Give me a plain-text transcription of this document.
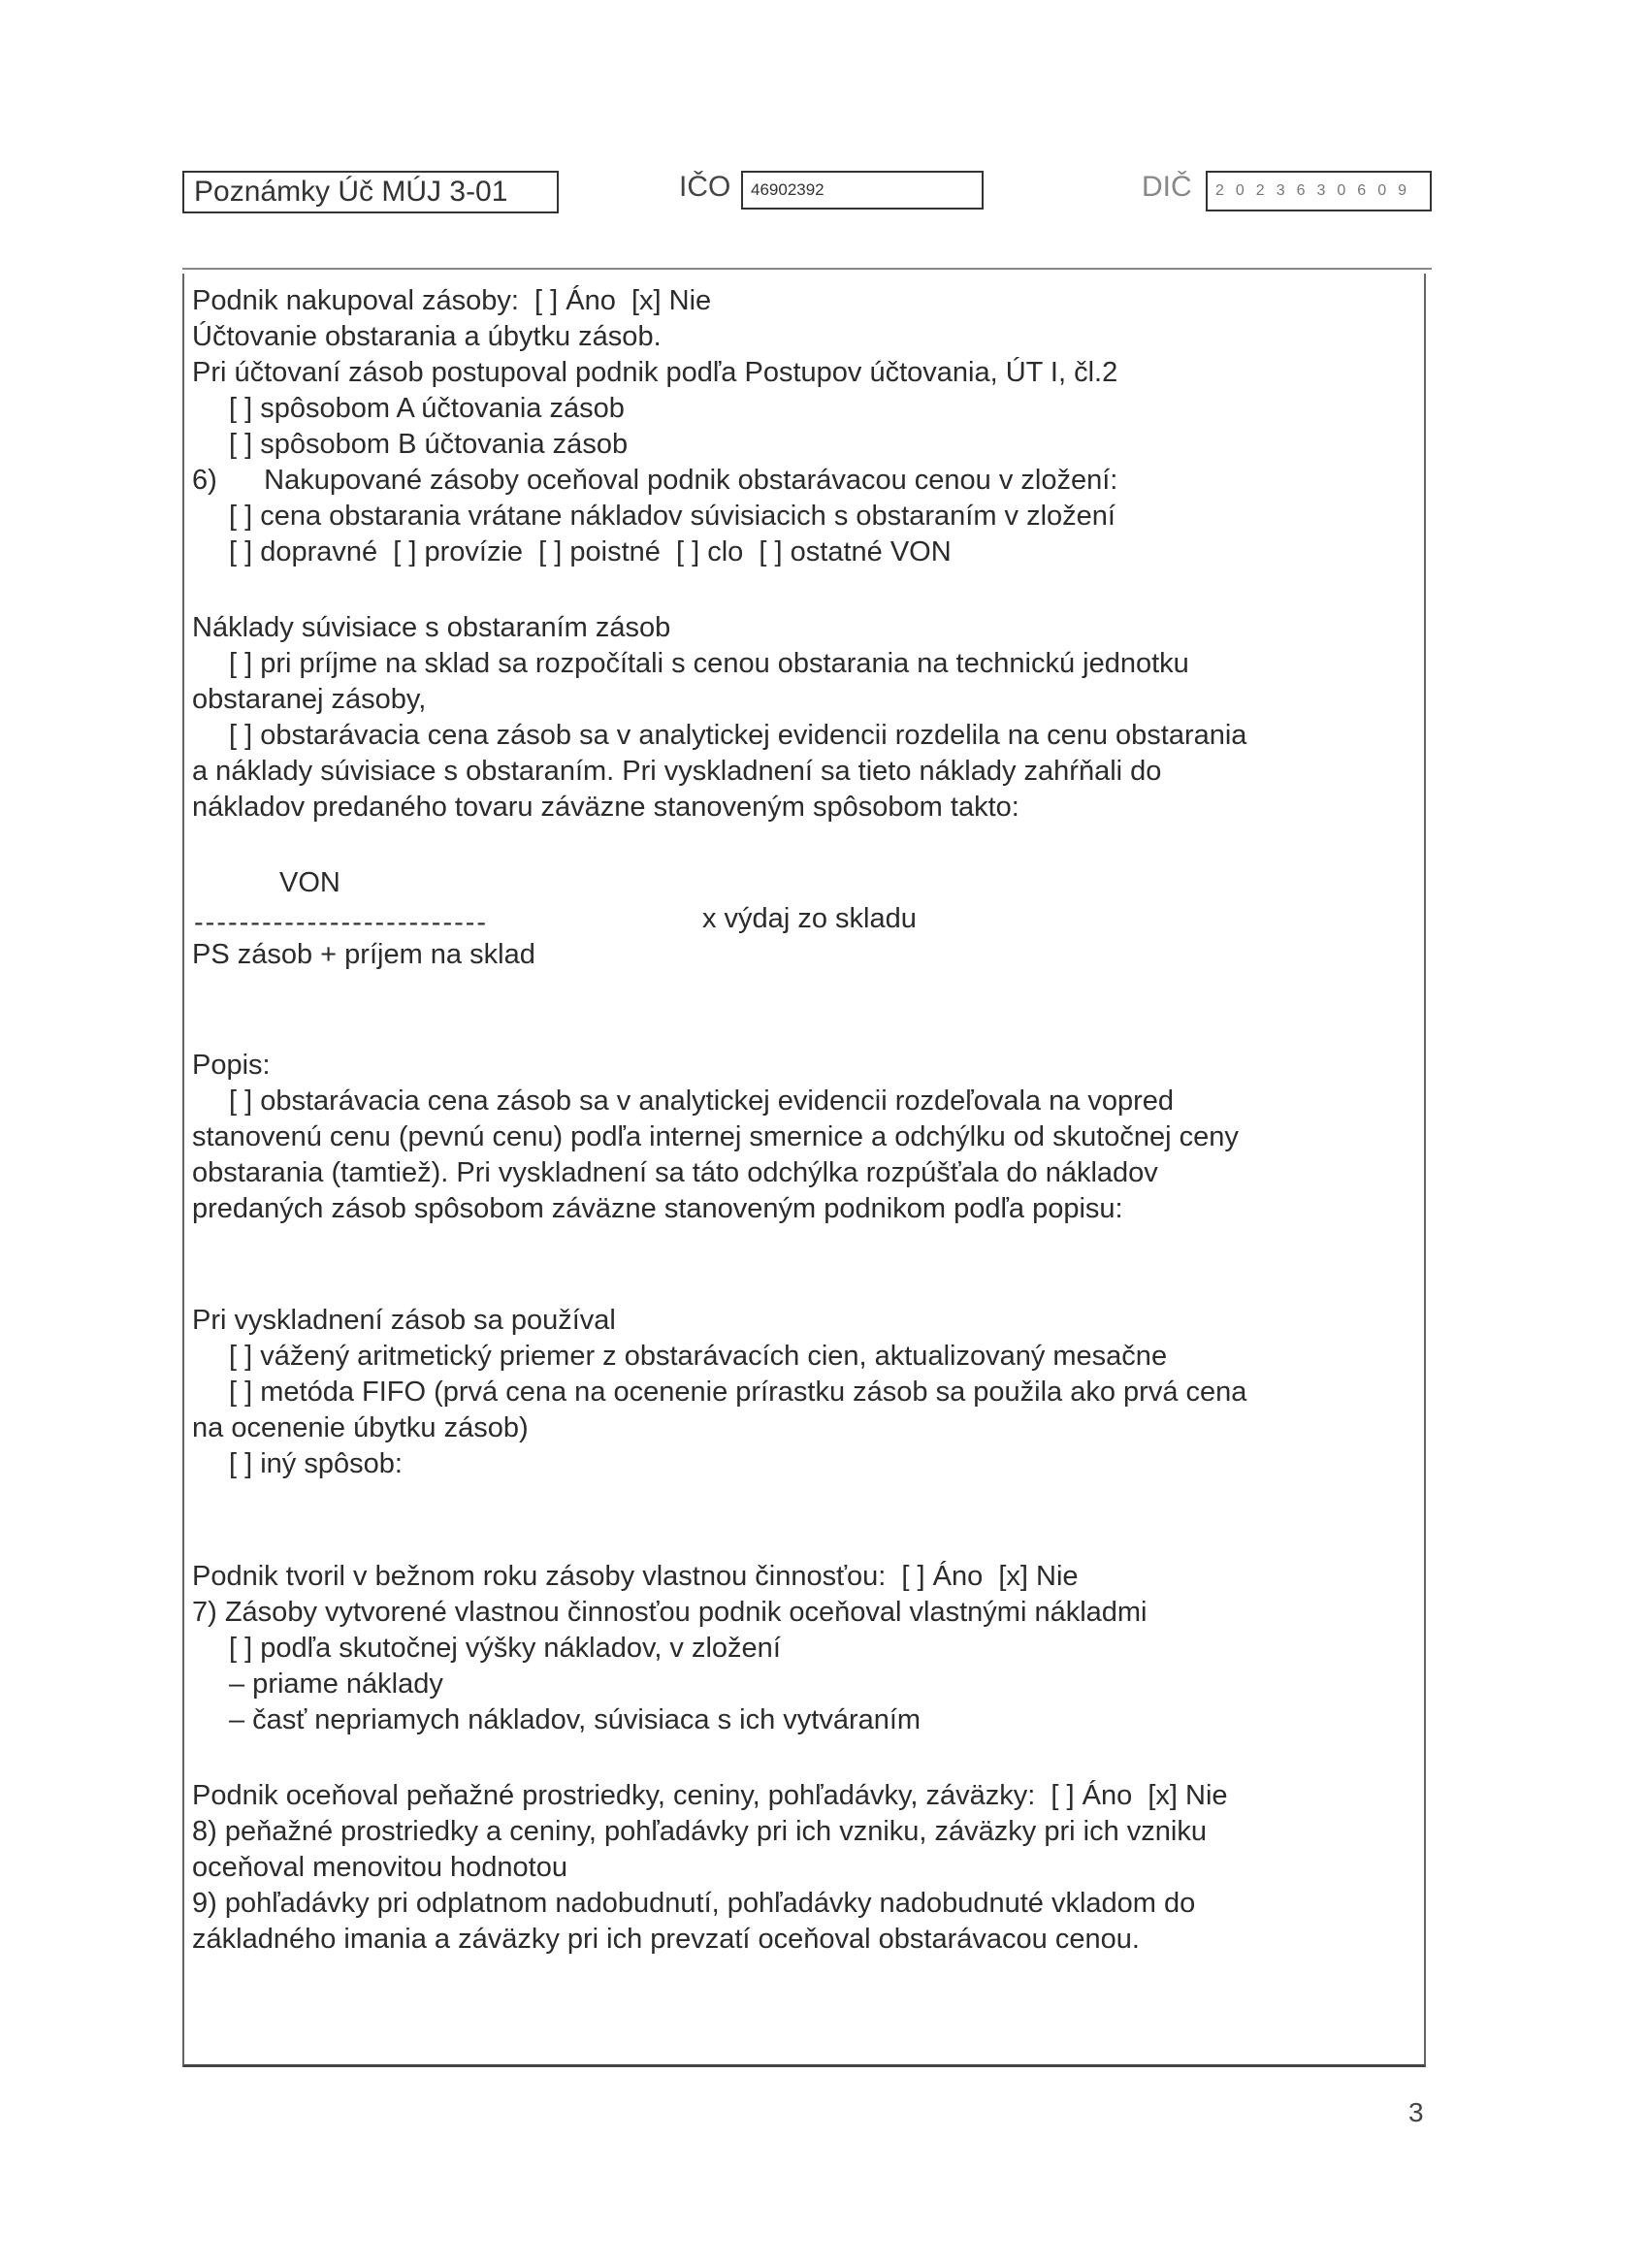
Poznámky Úč MÚJ 3-01	IČO	46902392	DIČ	2023630609
Podnik nakupoval zásoby:  [ ] Áno  [x] Nie
Účtovanie obstarania a úbytku zásob.
Pri účtovaní zásob postupoval podnik podľa Postupov účtovania, ÚT I, čl.2
[ ] spôsobom A účtovania zásob
[ ] spôsobom B účtovania zásob
6)      Nakupované zásoby oceňoval podnik obstarávacou cenou v zložení:
[ ] cena obstarania vrátane nákladov súvisiacich s obstaraním v zložení
[ ] dopravné  [ ] provízie  [ ] poistné  [ ] clo  [ ] ostatné VON
Náklady súvisiace s obstaraním zásob
[ ] pri príjme na sklad sa rozpočítali s cenou obstarania na technickú jednotku
obstaranej zásoby,
[ ] obstarávacia cena zásob sa v analytickej evidencii rozdelila na cenu obstarania
a náklady súvisiace s obstaraním. Pri vyskladnení sa tieto náklady zahŕňali do
nákladov predaného tovaru záväzne stanoveným spôsobom takto:
VON
--------------------------	x výdaj zo skladu
PS zásob + príjem na sklad
Popis:
[ ] obstarávacia cena zásob sa v analytickej evidencii rozdeľovala na vopred
stanovenú cenu (pevnú cenu) podľa internej smernice a odchýlku od skutočnej ceny
obstarania (tamtiež). Pri vyskladnení sa táto odchýlka rozpúšťala do nákladov
predaných zásob spôsobom záväzne stanoveným podnikom podľa popisu:
Pri vyskladnení zásob sa používal
[ ] vážený aritmetický priemer z obstarávacích cien, aktualizovaný mesačne
[ ] metóda FIFO (prvá cena na ocenenie prírastku zásob sa použila ako prvá cena
na ocenenie úbytku zásob)
[ ] iný spôsob:
Podnik tvoril v bežnom roku zásoby vlastnou činnosťou:  [ ] Áno  [x] Nie
7) Zásoby vytvorené vlastnou činnosťou podnik oceňoval vlastnými nákladmi
[ ] podľa skutočnej výšky nákladov, v zložení
– priame náklady
– časť nepriamych nákladov, súvisiaca s ich vytváraním
Podnik oceňoval peňažné prostriedky, ceniny, pohľadávky, záväzky:  [ ] Áno  [x] Nie
8) peňažné prostriedky a ceniny, pohľadávky pri ich vzniku, záväzky pri ich vzniku
oceňoval menovitou hodnotou
9) pohľadávky pri odplatnom nadobudnutí, pohľadávky nadobudnuté vkladom do
základného imania a záväzky pri ich prevzatí oceňoval obstarávacou cenou.
3
